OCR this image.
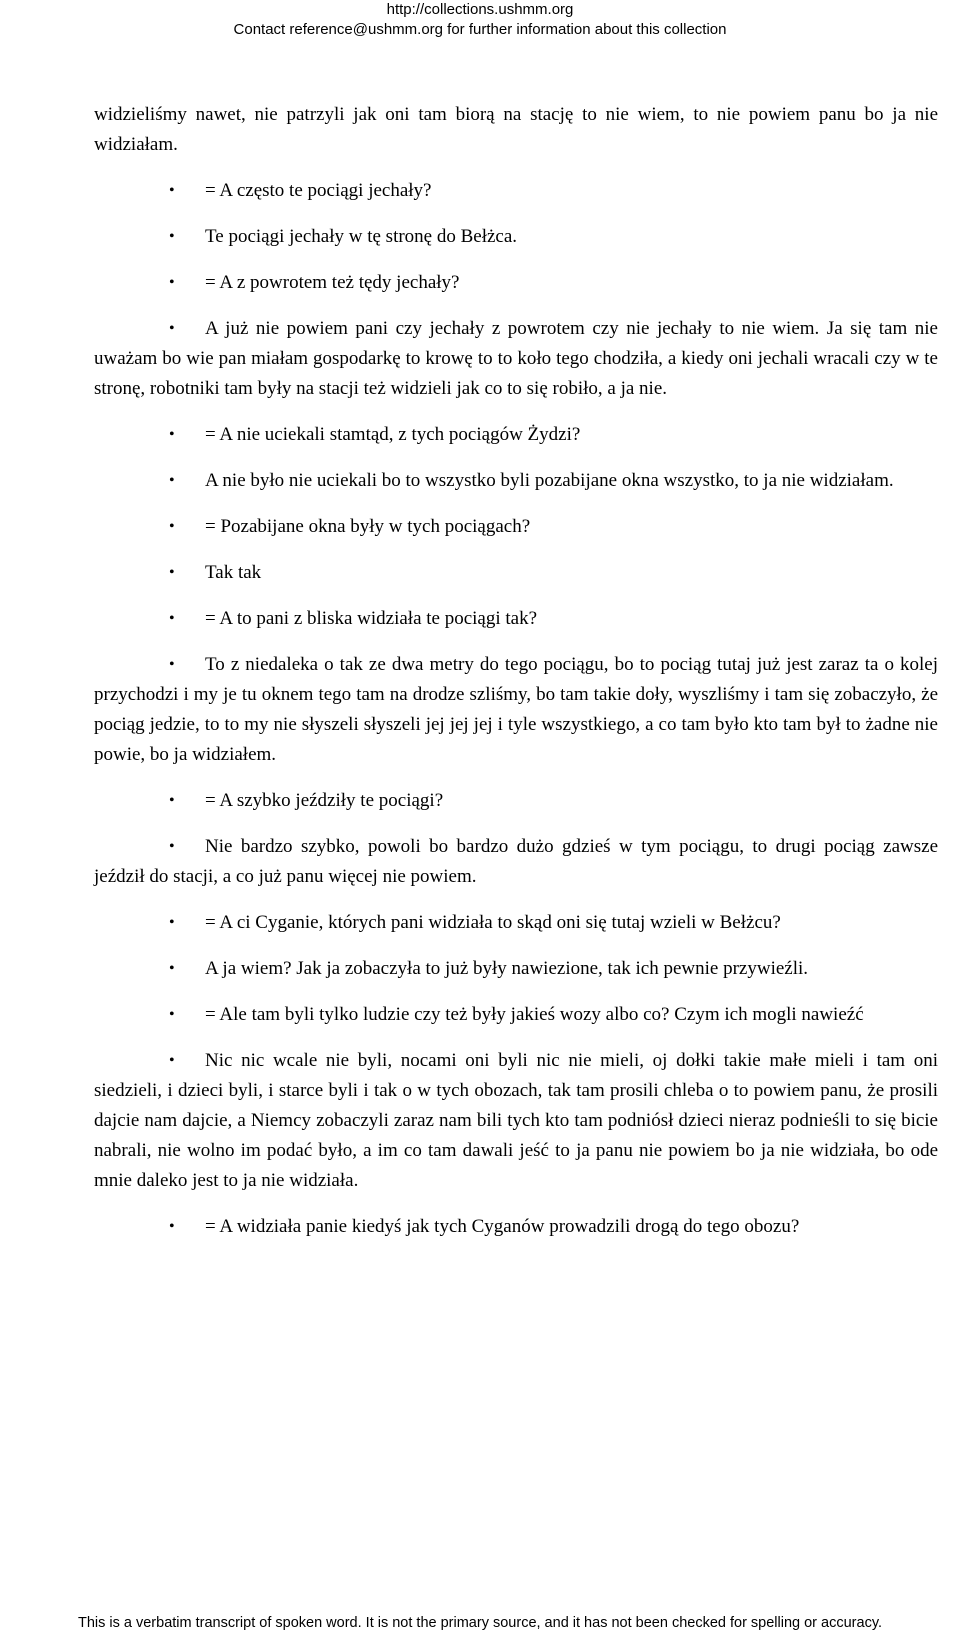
http://collections.ushmm.org
Contact reference@ushmm.org for further information about this collection

widzieliśmy nawet, nie patrzyli jak oni tam biorą na stację to nie wiem, to nie powiem panu bo ja nie widziałam.

• = A często te pociągi jechały?

• Te pociągi jechały w tę stronę do Bełżca.

• = A z powrotem też tędy jechały?

• A już nie powiem pani czy jechały z powrotem czy nie jechały to nie wiem. Ja się tam nie uważam bo wie pan miałam gospodarkę to krowę to to koło tego chodziła, a kiedy oni jechali wracali czy w te stronę, robotniki tam były na stacji też widzieli jak co to się robiło, a ja nie.

• = A nie uciekali stamtąd, z tych pociągów Żydzi?

• A nie było nie uciekali bo to wszystko byli pozabijane okna wszystko, to ja nie widziałam.

• = Pozabijane okna były w tych pociągach?

• Tak tak

• = A to pani z bliska widziała te pociągi tak?

• To z niedaleka o tak ze dwa metry do tego pociągu, bo to pociąg tutaj już jest zaraz ta o kolej przychodzi i my je tu oknem tego tam na drodze szliśmy, bo tam takie doły, wyszliśmy i tam się zobaczyło, że pociąg jedzie, to to my nie słyszeli słyszeli jej jej jej i tyle wszystkiego, a co tam było kto tam był to żadne nie powie, bo ja widziałem.

• = A szybko jeździły te pociągi?

• Nie bardzo szybko, powoli bo bardzo dużo gdzieś w tym pociągu, to drugi pociąg zawsze jeździł do stacji, a co już panu więcej nie powiem.

• = A ci Cyganie, których pani widziała to skąd oni się tutaj wzieli w Bełżcu?

• A ja wiem? Jak ja zobaczyła to już były nawiezione, tak ich pewnie przywieźli.

• = Ale tam byli tylko ludzie czy też były jakieś wozy albo co? Czym ich mogli nawieźć

• Nic nic wcale nie byli, nocami oni byli nic nie mieli, oj dołki takie małe mieli i tam oni siedzieli, i dzieci byli, i starce byli i tak o w tych obozach, tak tam prosili chleba o to powiem panu, że prosili dajcie nam dajcie, a Niemcy zobaczyli zaraz nam bili tych kto tam podniósł dzieci nieraz podnieśli to się bicie nabrali, nie wolno im podać było, a im co tam dawali jeść to ja panu nie powiem bo ja nie widziała, bo ode mnie daleko jest to ja nie widziała.

• = A widziała panie kiedyś jak tych Cyganów prowadzili drogą do tego obozu?

This is a verbatim transcript of spoken word. It is not the primary source, and it has not been checked for spelling or accuracy.
